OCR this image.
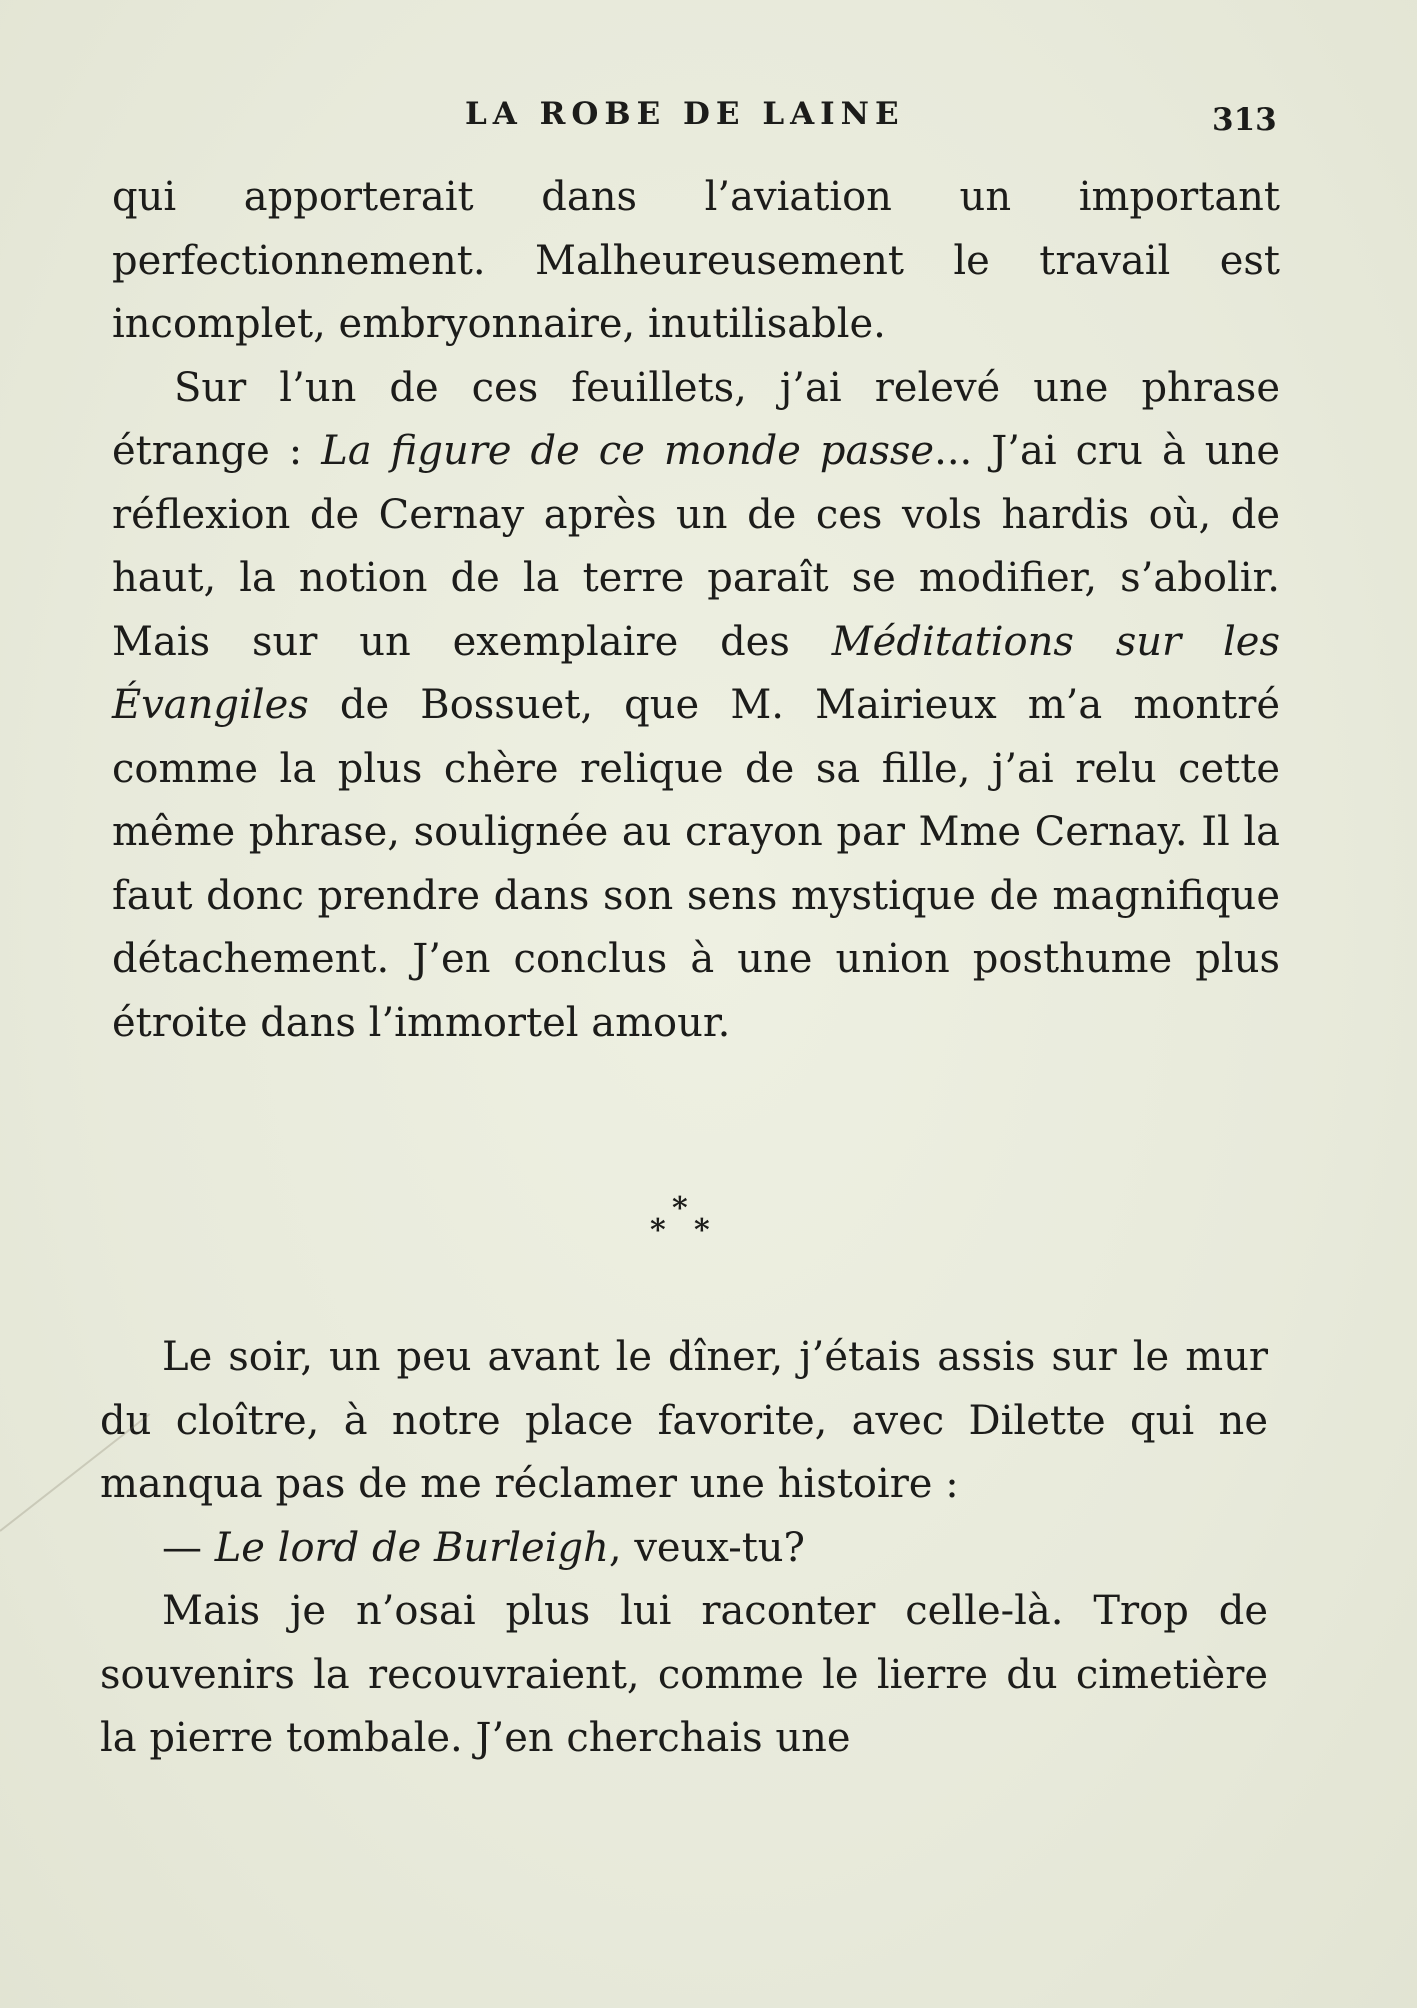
LA ROBE DE LAINE	313

qui apporterait dans l’aviation un important perfectionnement. Malheureusement le travail est incomplet, embryonnaire, inutilisable.

Sur l’un de ces feuillets, j’ai relevé une phrase étrange : La figure de ce monde passe... J’ai cru à une réflexion de Cernay après un de ces vols hardis où, de haut, la notion de la terre paraît se modifier, s’abolir. Mais sur un exemplaire des Méditations sur les Évangiles de Bossuet, que M. Mairieux m’a montré comme la plus chère relique de sa fille, j’ai relu cette même phrase, soulignée au crayon par Mme Cernay. Il la faut donc prendre dans son sens mystique de magnifique détachement. J’en conclus à une union posthume plus étroite dans l’immortel amour.

*
* *

Le soir, un peu avant le dîner, j’étais assis sur le mur du cloître, à notre place favorite, avec Dilette qui ne manqua pas de me réclamer une histoire :

— Le lord de Burleigh, veux-tu?

Mais je n’osai plus lui raconter celle-là. Trop de souvenirs la recouvraient, comme le lierre du cimetière la pierre tombale. J’en cherchais une
